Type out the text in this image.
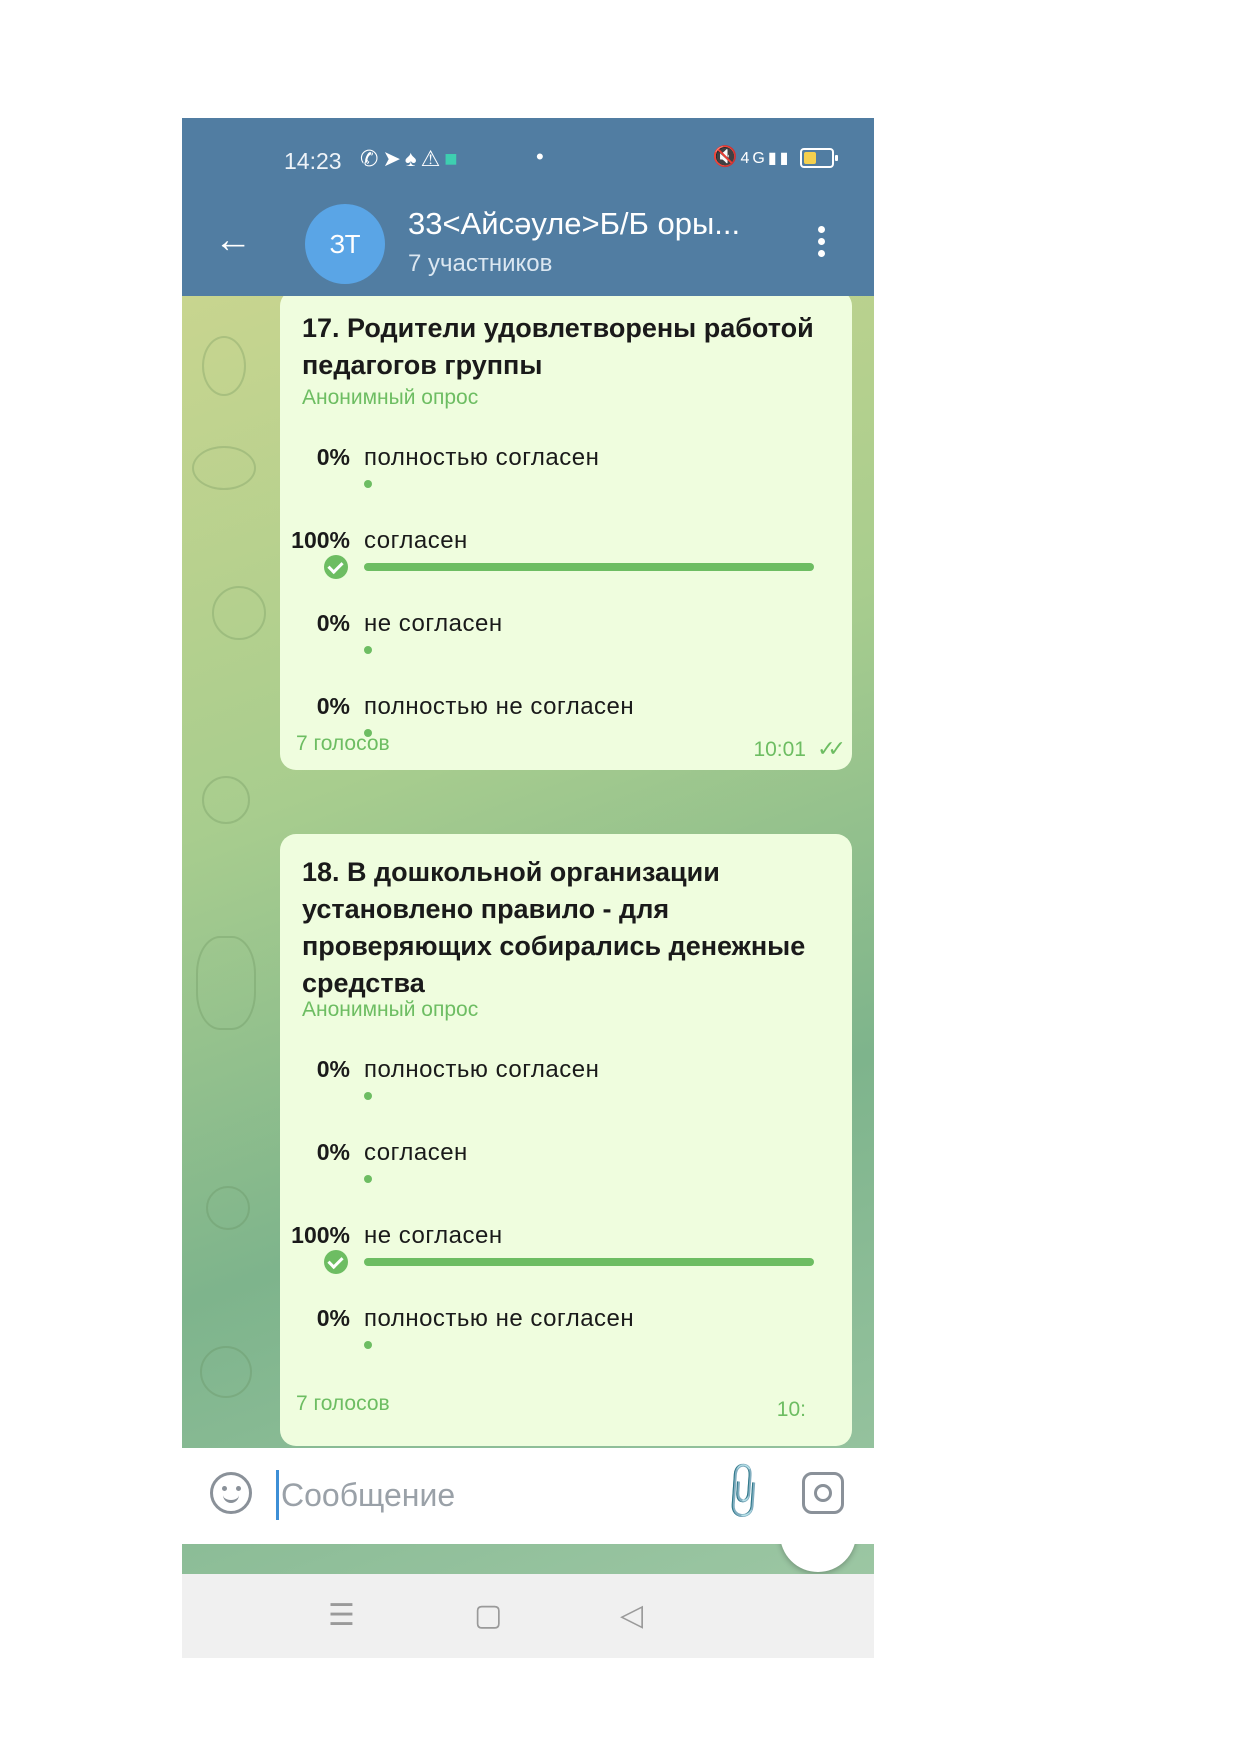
14:23 ✆➤♠⚠■	•	🔇4G▮▮
←	ЗТ
33<Айсәуле>Б/Б оры...
7 участников
17. Родители удовлетворены работой педагогов группы
Анонимный опрос
0% полностью согласен
100% согласен
0% не согласен
0% полностью не согласен
7 голосов	10:01 ✓✓
18. В дошкольной организации установлено правило - для проверяющих собирались денежные средства
Анонимный опрос
0% полностью согласен
0% согласен
100% не согласен
0% полностью не согласен
7 голосов	10:
Сообщение
📎
☰	▢	◁
